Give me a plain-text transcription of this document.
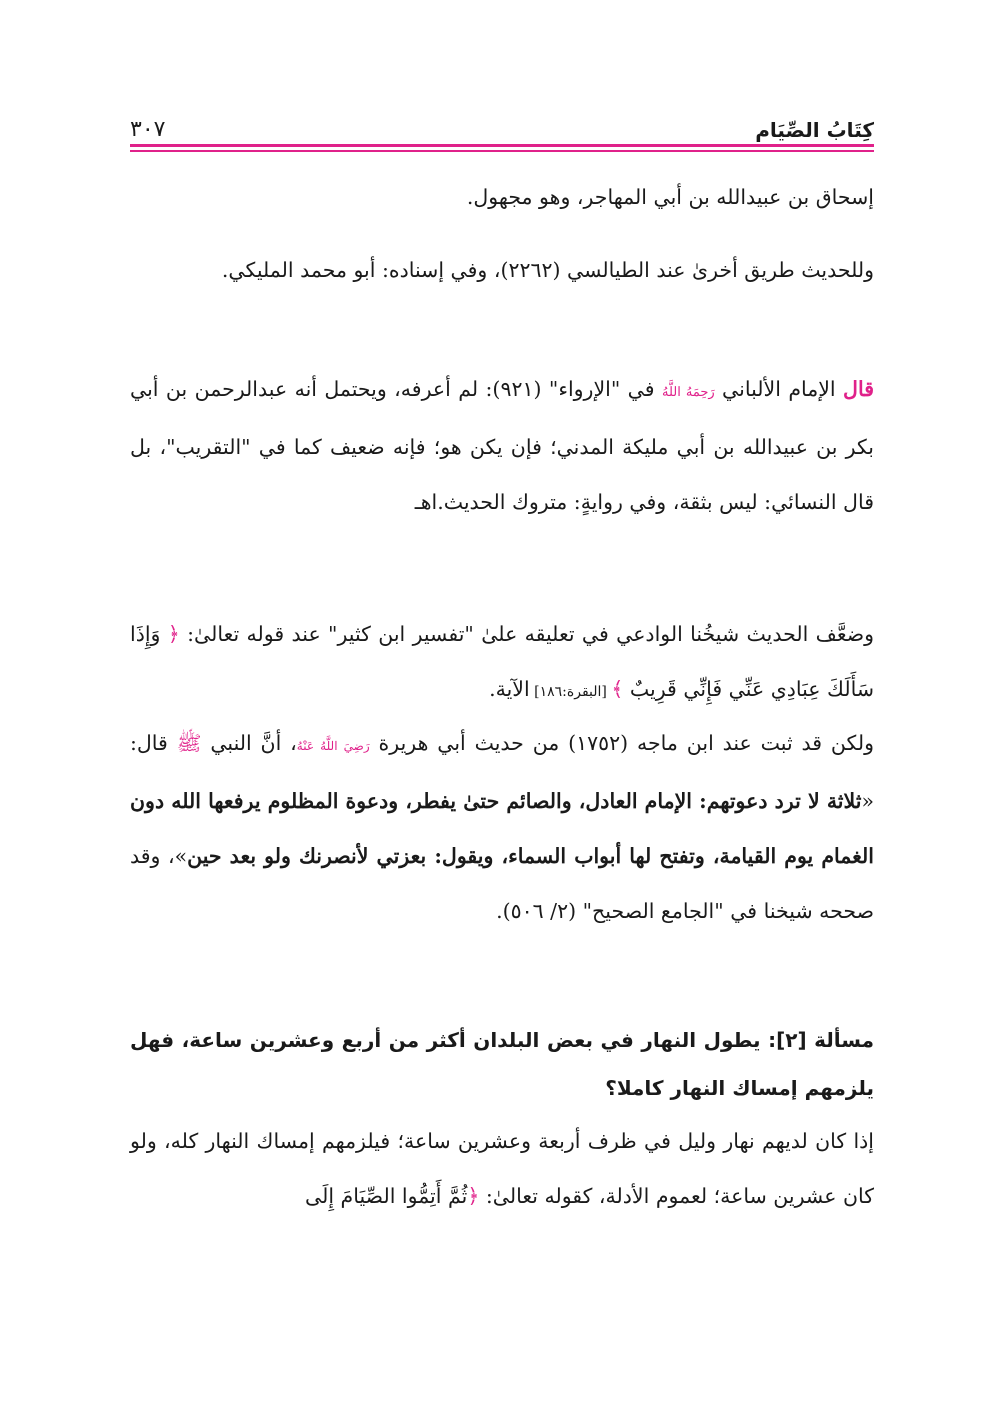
كِتَابُ الصِّيَام
٣٠٧

إسحاق بن عبيدالله بن أبي المهاجر، وهو مجهول.

وللحديث طريق أخرىٰ عند الطيالسي (٢٢٦٢)، وفي إسناده: أبو محمد المليكي.

قال الإمام الألباني رَحِمَهُ اللَّهُ في "الإرواء" (٩٢١): لم أعرفه، ويحتمل أنه عبدالرحمن بن أبي بكر بن عبيدالله بن أبي مليكة المدني؛ فإن يكن هو؛ فإنه ضعيف كما في "التقريب"، بل قال النسائي: ليس بثقة، وفي روايةٍ: متروك الحديث.اهـ

وضعَّف الحديث شيخُنا الوادعي في تعليقه علىٰ "تفسير ابن كثير" عند قوله تعالىٰ: ﴿ وَإِذَا سَأَلَكَ عِبَادِي عَنِّي فَإِنِّي قَرِيبٌ ﴾ [البقرة:١٨٦] الآية.

ولكن قد ثبت عند ابن ماجه (١٧٥٢) من حديث أبي هريرة رَضِيَ اللَّهُ عَنْهُ، أنَّ النبي ﷺ قال: «ثلاثة لا ترد دعوتهم: الإمام العادل، والصائم حتىٰ يفطر، ودعوة المظلوم يرفعها الله دون الغمام يوم القيامة، وتفتح لها أبواب السماء، ويقول: بعزتي لأنصرنك ولو بعد حين»، وقد صححه شيخنا في "الجامع الصحيح" (٢/ ٥٠٦).

مسألة [٢]: يطول النهار في بعض البلدان أكثر من أربع وعشرين ساعة، فهل يلزمهم إمساك النهار كاملا؟

إذا كان لديهم نهار وليل في ظرف أربعة وعشرين ساعة؛ فيلزمهم إمساك النهار كله، ولو كان عشرين ساعة؛ لعموم الأدلة، كقوله تعالىٰ: ﴿ثُمَّ أَتِمُّوا الصِّيَامَ إِلَى
